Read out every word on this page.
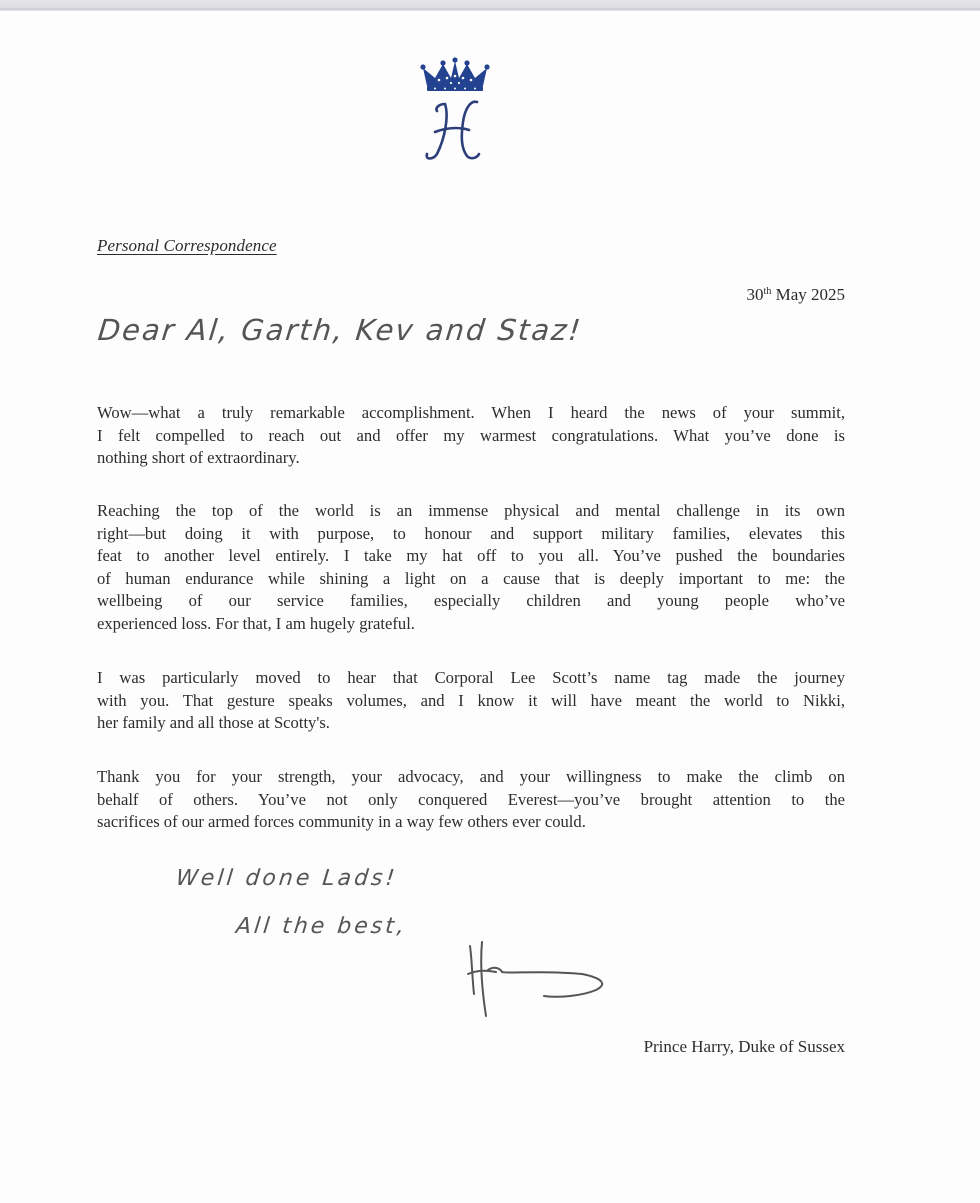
Personal Correspondence
30th May 2025
Dear Al, Garth, Kev and Staz!
Wow—what a truly remarkable accomplishment. When I heard the news of your summit,
I felt compelled to reach out and offer my warmest congratulations. What you’ve done is
nothing short of extraordinary.
Reaching the top of the world is an immense physical and mental challenge in its own
right—but doing it with purpose, to honour and support military families, elevates this
feat to another level entirely. I take my hat off to you all. You’ve pushed the boundaries
of human endurance while shining a light on a cause that is deeply important to me: the
wellbeing of our service families, especially children and young people who’ve
experienced loss. For that, I am hugely grateful.
I was particularly moved to hear that Corporal Lee Scott’s name tag made the journey
with you. That gesture speaks volumes, and I know it will have meant the world to Nikki,
her family and all those at Scotty's.
Thank you for your strength, your advocacy, and your willingness to make the climb on
behalf of others. You’ve not only conquered Everest—you’ve brought attention to the
sacrifices of our armed forces community in a way few others ever could.
Well done Lads!
All the best,
Prince Harry, Duke of Sussex
